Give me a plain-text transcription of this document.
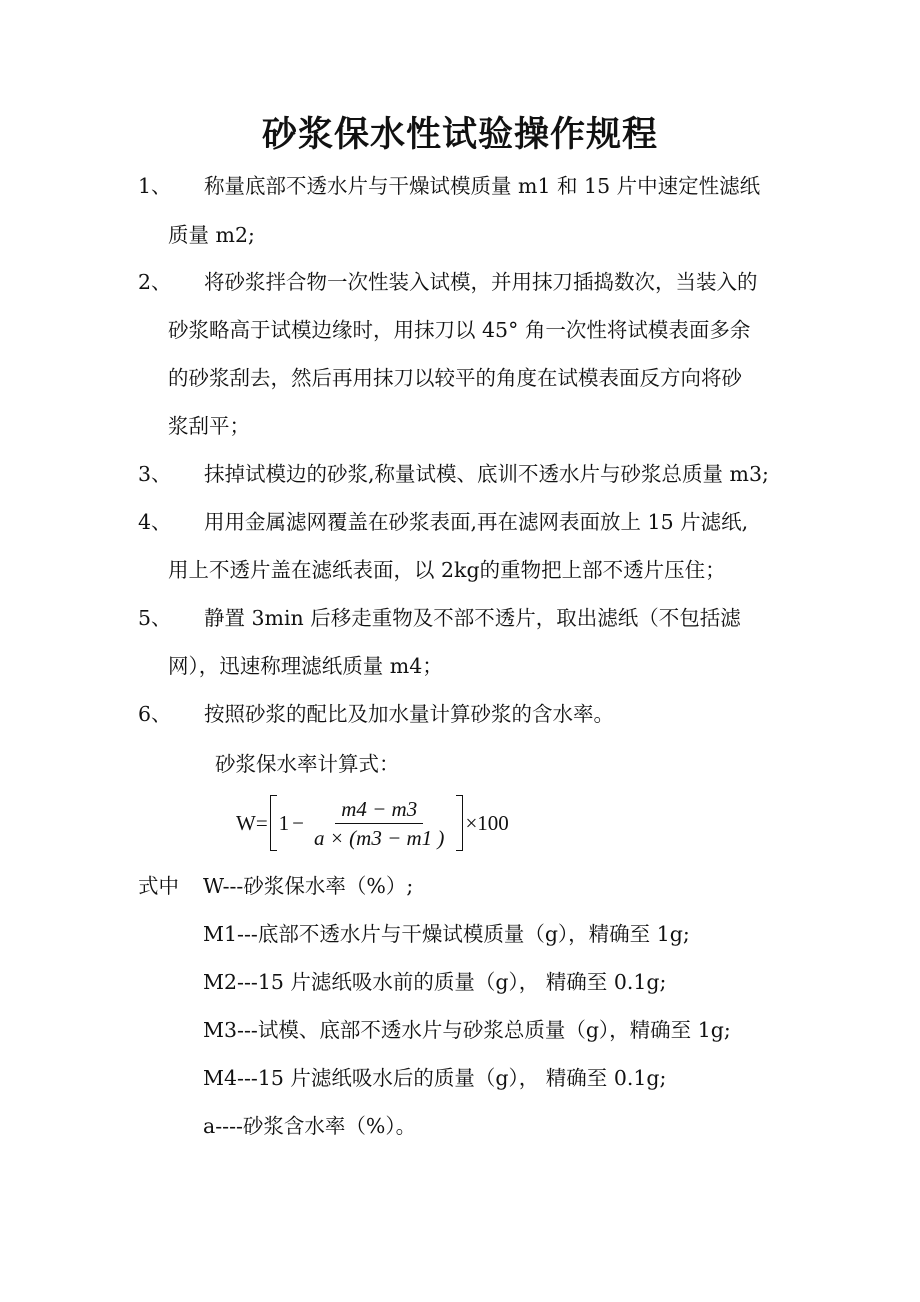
砂浆保水性试验操作规程
1、 称量底部不透水片与干燥试模质量 m1 和 15 片中速定性滤纸
质量 m2;
2、 将砂浆拌合物一次性装入试模，并用抹刀插捣数次，当装入的
砂浆略高于试模边缘时，用抹刀以 45° 角一次性将试模表面多余
的砂浆刮去，然后再用抹刀以较平的角度在试模表面反方向将砂
浆刮平；
3、 抹掉试模边的砂浆,称量试模、底训不透水片与砂浆总质量 m3;
4、 用用金属滤网覆盖在砂浆表面,再在滤网表面放上 15 片滤纸,
用上不透片盖在滤纸表面，以 2kg的重物把上部不透片压住；
5、 静置 3min 后移走重物及不部不透片，取出滤纸（不包括滤
网），迅速称理滤纸质量 m4；
6、 按照砂浆的配比及加水量计算砂浆的含水率。
砂浆保水率计算式：
$W= 1 - \frac{m4 - m3}{a \times (m3 - m1 )} \times 100$
式中 W---砂浆保水率（%）;
M1---底部不透水片与干燥试模质量（g），精确至 1g;
M2---15 片滤纸吸水前的质量（g）， 精确至 0.1g;
M3---试模、底部不透水片与砂浆总质量（g），精确至 1g;
M4---15 片滤纸吸水后的质量（g）， 精确至 0.1g;
a----砂浆含水率（%）。
